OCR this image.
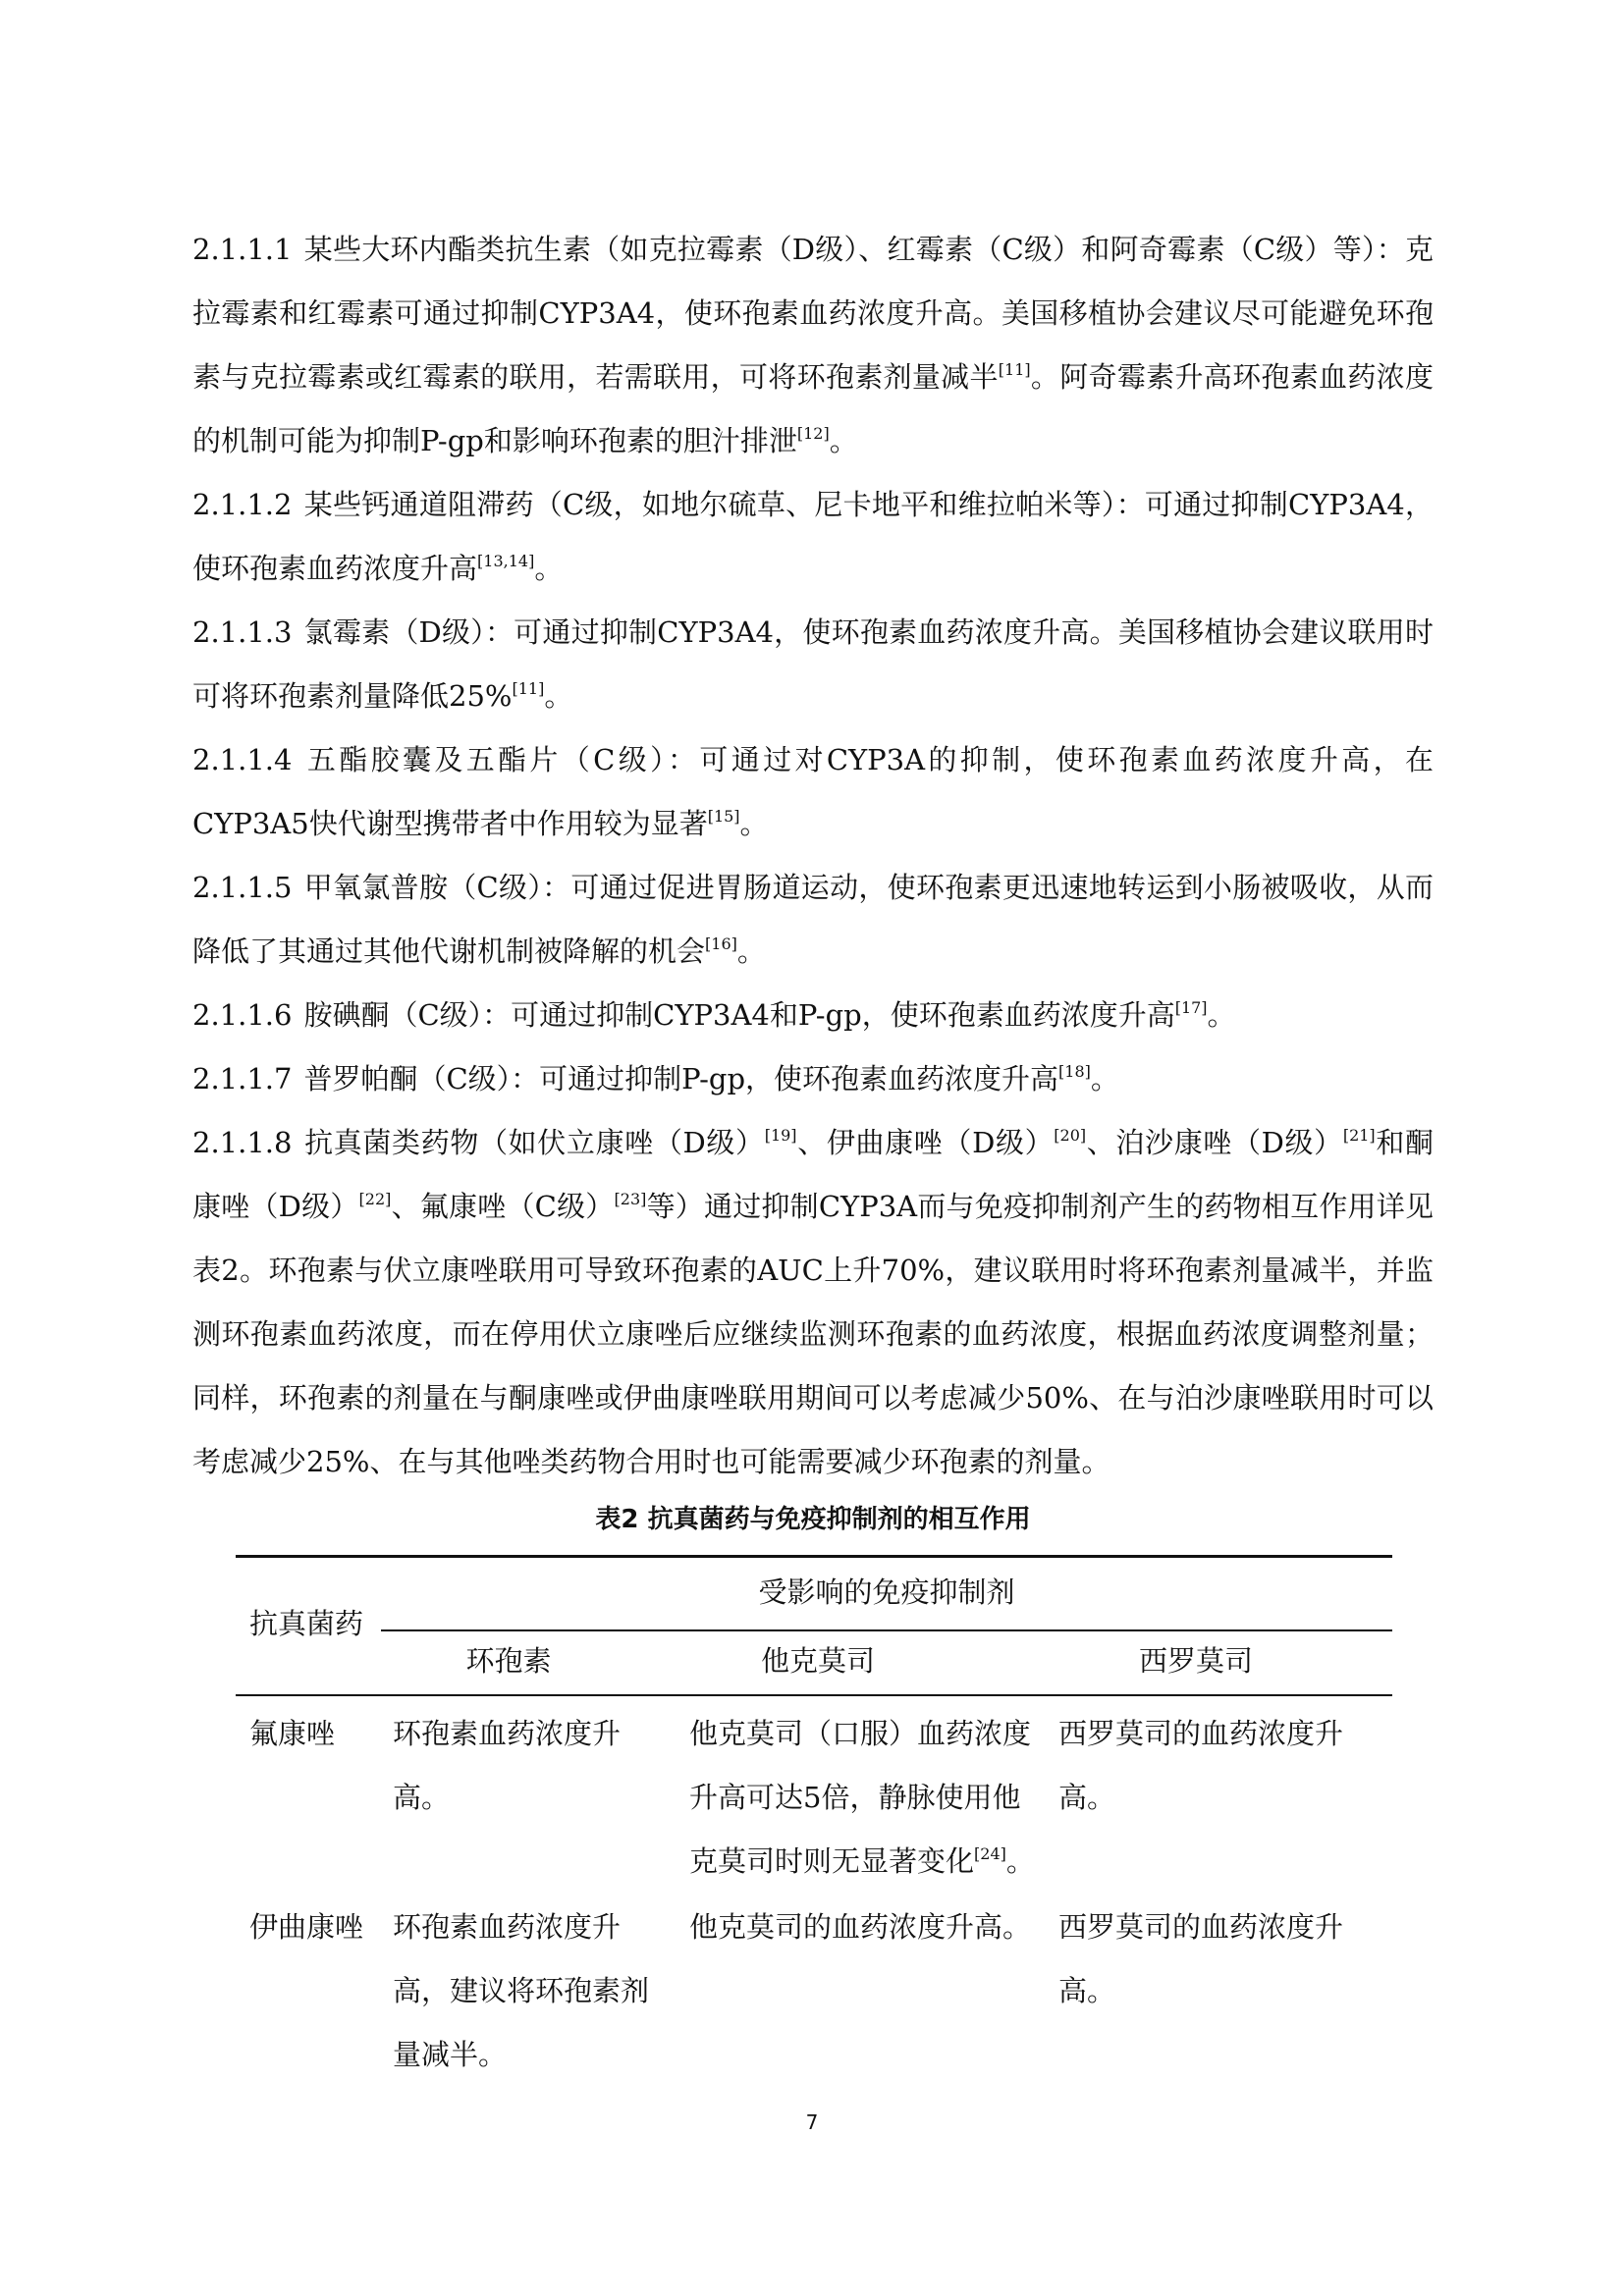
2.1.1.1 某些大环内酯类抗生素（如克拉霉素（D级）、红霉素（C级）和阿奇霉素（C级）等）：克拉霉素和红霉素可通过抑制CYP3A4，使环孢素血药浓度升高。美国移植协会建议尽可能避免环孢素与克拉霉素或红霉素的联用，若需联用，可将环孢素剂量减半[11]。阿奇霉素升高环孢素血药浓度的机制可能为抑制P-gp和影响环孢素的胆汁排泄[12]。

2.1.1.2 某些钙通道阻滞药（C级，如地尔硫草、尼卡地平和维拉帕米等）：可通过抑制CYP3A4，使环孢素血药浓度升高[13,14]。

2.1.1.3 氯霉素（D级）：可通过抑制CYP3A4，使环孢素血药浓度升高。美国移植协会建议联用时可将环孢素剂量降低25%[11]。

2.1.1.4 五酯胶囊及五酯片（C级）：可通过对CYP3A的抑制，使环孢素血药浓度升高，在CYP3A5快代谢型携带者中作用较为显著[15]。

2.1.1.5 甲氧氯普胺（C级）：可通过促进胃肠道运动，使环孢素更迅速地转运到小肠被吸收，从而降低了其通过其他代谢机制被降解的机会[16]。

2.1.1.6 胺碘酮（C级）：可通过抑制CYP3A4和P-gp，使环孢素血药浓度升高[17]。

2.1.1.7 普罗帕酮（C级）：可通过抑制P-gp，使环孢素血药浓度升高[18]。

2.1.1.8 抗真菌类药物（如伏立康唑（D级）[19]、伊曲康唑（D级）[20]、泊沙康唑（D级）[21]和酮康唑（D级）[22]、氟康唑（C级）[23]等）通过抑制CYP3A而与免疫抑制剂产生的药物相互作用详见表2。环孢素与伏立康唑联用可导致环孢素的AUC上升70%，建议联用时将环孢素剂量减半，并监测环孢素血药浓度，而在停用伏立康唑后应继续监测环孢素的血药浓度，根据血药浓度调整剂量；同样，环孢素的剂量在与酮康唑或伊曲康唑联用期间可以考虑减少50%、在与泊沙康唑联用时可以考虑减少25%、在与其他唑类药物合用时也可能需要减少环孢素的剂量。

表2 抗真菌药与免疫抑制剂的相互作用
抗真菌药
受影响的免疫抑制剂
环孢素	他克莫司	西罗莫司
氟康唑 环孢素血药浓度升
高。
他克莫司（口服）血药浓度
升高可达5倍，静脉使用他
克莫司时则无显著变化[24]。
西罗莫司的血药浓度升
高。
伊曲康唑 环孢素血药浓度升
高，建议将环孢素剂
量减半。
他克莫司的血药浓度升高。 西罗莫司的血药浓度升
高。
7
